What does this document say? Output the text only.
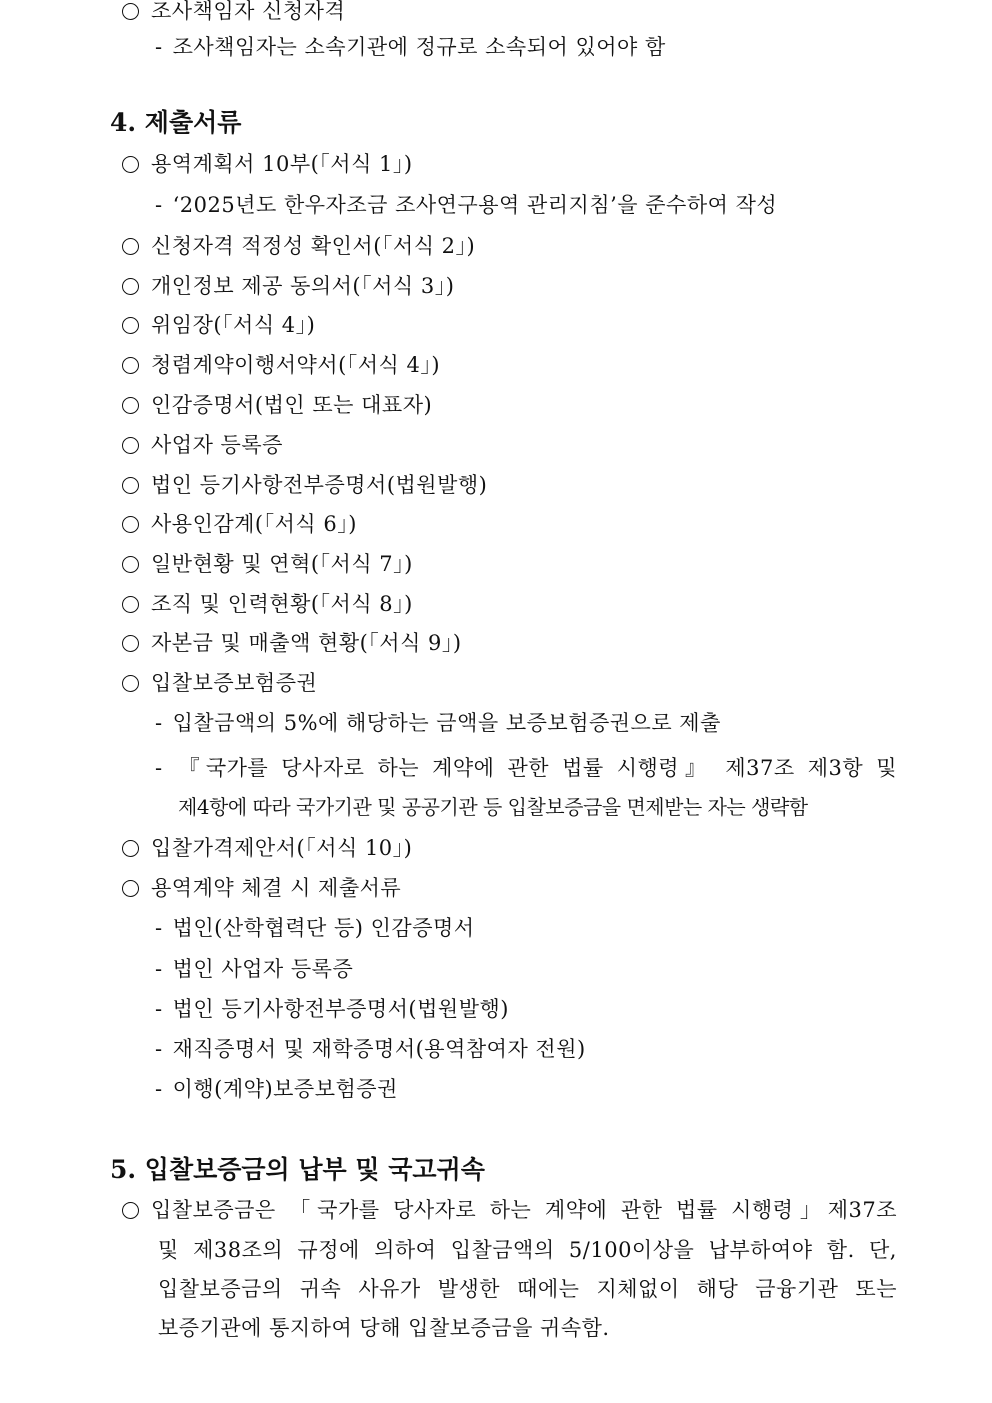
조사책임자 신청자격
- 조사책임자는 소속기관에 정규로 소속되어 있어야 함
4. 제출서류
용역계획서 10부(「서식 1」)
- ‘2025년도 한우자조금 조사연구용역 관리지침’을 준수하여 작성
신청자격 적정성 확인서(「서식 2」)
개인정보 제공 동의서(「서식 3」)
위임장(「서식 4」)
청렴계약이행서약서(「서식 4」)
인감증명서(법인 또는 대표자)
사업자 등록증
법인 등기사항전부증명서(법원발행)
사용인감계(「서식 6」)
일반현황 및 연혁(「서식 7」)
조직 및 인력현황(「서식 8」)
자본금 및 매출액 현황(「서식 9」)
입찰보증보험증권
- 입찰금액의 5%에 해당하는 금액을 보증보험증권으로 제출
- 『국가를 당사자로 하는 계약에 관한 법률 시행령』 제37조 제3항 및
제4항에 따라 국가기관 및 공공기관 등 입찰보증금을 면제받는 자는 생략함
입찰가격제안서(「서식 10」)
용역계약 체결 시 제출서류
- 법인(산학협력단 등) 인감증명서
- 법인 사업자 등록증
- 법인 등기사항전부증명서(법원발행)
- 재직증명서 및 재학증명서(용역참여자 전원)
- 이행(계약)보증보험증권
5. 입찰보증금의 납부 및 국고귀속
입찰보증금은 「국가를 당사자로 하는 계약에 관한 법률 시행령」제37조
및 제38조의 규정에 의하여 입찰금액의 5/100이상을 납부하여야 함. 단,
입찰보증금의 귀속 사유가 발생한 때에는 지체없이 해당 금융기관 또는
보증기관에 통지하여 당해 입찰보증금을 귀속함.
